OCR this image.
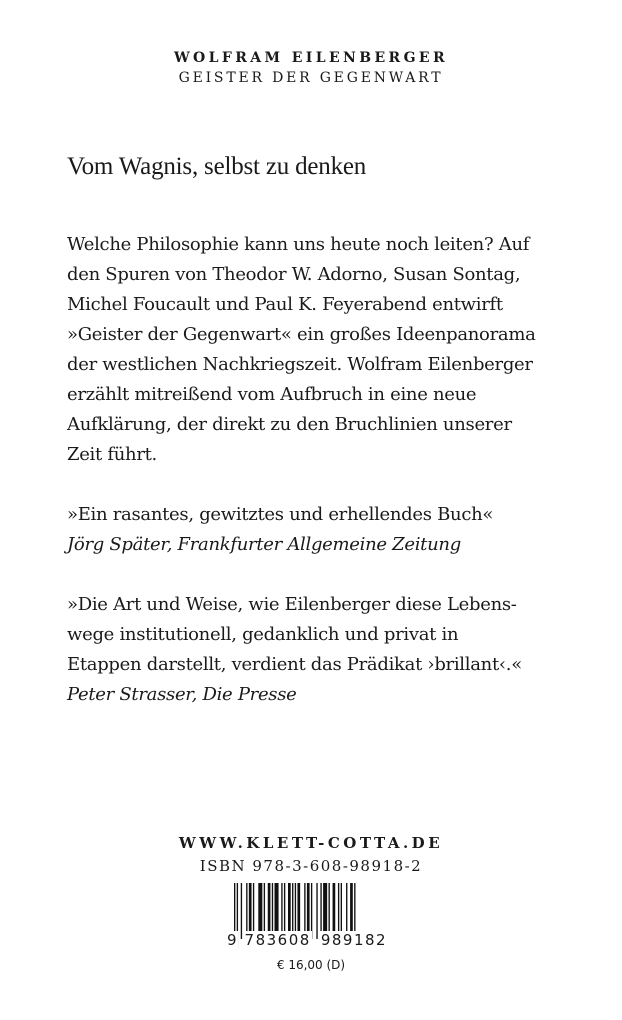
WOLFRAM EILENBERGER
GEISTER DER GEGENWART
Vom Wagnis, selbst zu denken
Welche Philosophie kann uns heute noch leiten? Auf
den Spuren von Theodor W. Adorno, Susan Sontag,
Michel Foucault und Paul K. Feyerabend entwirft
»Geister der Gegenwart« ein großes Ideenpanorama
der westlichen Nachkriegszeit. Wolfram Eilenberger
erzählt mitreißend vom Aufbruch in eine neue
Aufklärung, der direkt zu den Bruchlinien unserer
Zeit führt.
»Ein rasantes, gewitztes und erhellendes Buch«
Jörg Später, Frankfurter Allgemeine Zeitung
»Die Art und Weise, wie Eilenberger diese Lebens-
wege institutionell, gedanklich und privat in
Etappen darstellt, verdient das Prädikat ›brillant‹.«
Peter Strasser, Die Presse
WWW.KLETT-COTTA.DE
ISBN 978-3-608-98918-2
9 783608 989182
€ 16,00 (D)
